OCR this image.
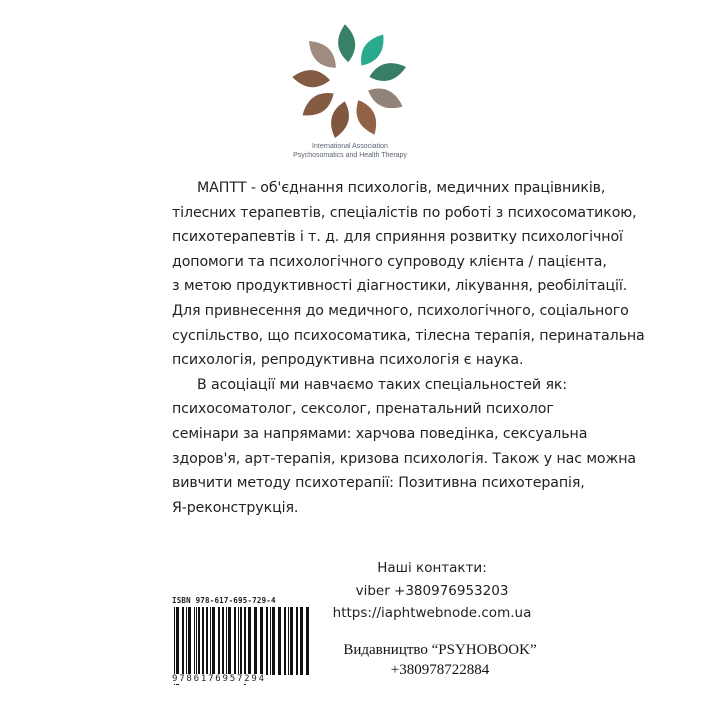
International Association
Psychosomatics and Health Therapy
МАПТТ - об'єднання психологів, медичних працівників,
тілесних терапевтів, спеціалістів по роботі з психосоматикою,
психотерапевтів і т. д. для сприяння розвитку психологічної
допомоги та психологічного супроводу клієнта / пацієнта,
з метою продуктивності діагностики, лікування, реобілітації.
Для привнесення до медичного, психологічного, соціального
суспільство, що психосоматика, тілесна терапія, перинатальна
психологія, репродуктивна психологія є наука.
В асоціації ми навчаємо таких спеціальностей як:
психосоматолог, сексолог, пренатальний психолог
семінари за напрямами: харчова поведінка, сексуальна
здоров'я, арт-терапія, кризова психологія. Також у нас можна
вивчити методу психотерапії: Позитивна психотерапія,
Я-реконструкція.
Наші контакти:
viber +380976953203
https://iaphtwebnode.com.ua
Видавництво “PSYHOBOOK”
+380978722884
ISBN 978-617-695-729-4
9786176957294
